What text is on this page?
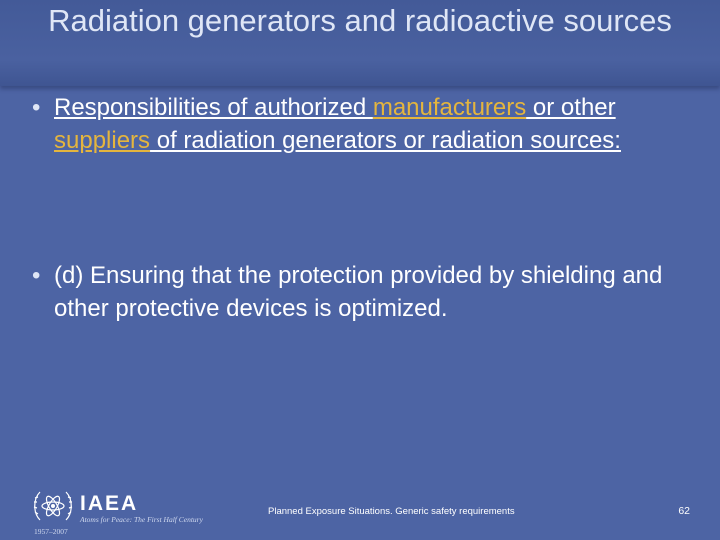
Radiation generators and radioactive sources
• Responsibilities of authorized manufacturers or other suppliers of radiation generators or radiation sources:
• (d) Ensuring that the protection provided by shielding and other protective devices is optimized.
IAEA
Atoms for Peace: The First Half Century
1957–2007
Planned Exposure Situations. Generic safety requirements	62
